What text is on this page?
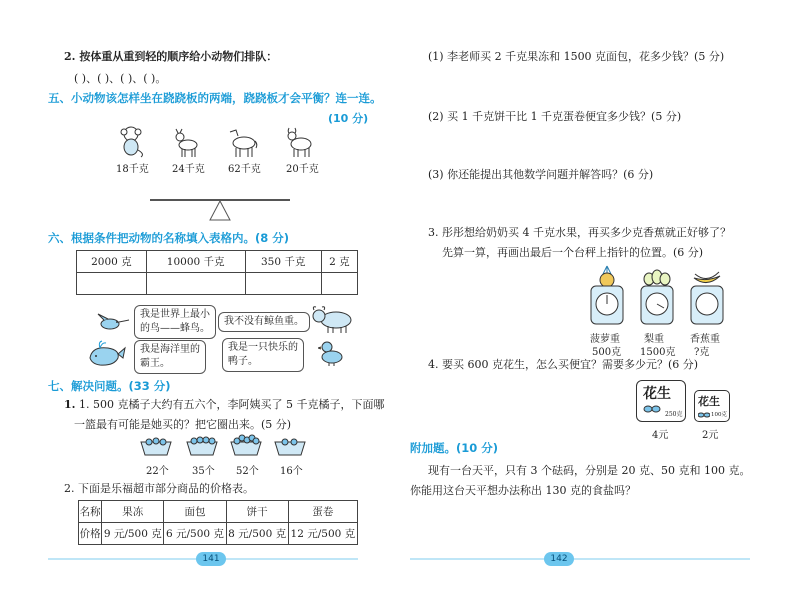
2. 按体重从重到轻的顺序给小动物们排队：
( )、( )、( )、( )。
五、小动物该怎样坐在跷跷板的两端，跷跷板才会平衡？连一连。
(10 分)
18千克 24千克 62千克	20千克
六、根据条件把动物的名称填入表格内。(8 分)
2000 克	10000 千克	350 千克	2 克

我是世界上最小
的鸟——蜂鸟。
我不没有鲸鱼重。
我是海洋里的
霸王。
我是一只快乐的
鸭子。
七、解决问题。(33 分)
1. 1. 500 克橘子大约有五六个，李阿姨买了 5 千克橘子，下面哪
一篮最有可能是她买的？把它圈出来。(5 分)
22个 35个 52个 16个
2. 下面是乐福超市部分商品的价格表。
名称	果冻	面包	饼干	蛋卷
价格	9 元/500 克	6 元/500 克	8 元/500 克	12 元/500 克
141
(1) 李老师买 2 千克果冻和 1500 克面包，花多少钱？(5 分)
(2) 买 1 千克饼干比 1 千克蛋卷便宜多少钱？(5 分)
(3) 你还能提出其他数学问题并解答吗？(6 分)
3. 彤彤想给奶奶买 4 千克水果，再买多少克香蕉就正好够了？
先算一算，再画出最后一个台秤上指针的位置。(6 分)
菠萝重
500克
梨重
1500克
香蕉重
?克
4. 要买 600 克花生，怎么买便宜？需要多少元？(6 分)
花生
250克
4元
花生
100克
2元
附加题。(10 分)
现有一台天平，只有 3 个砝码，分别是 20 克、50 克和 100 克。
你能用这台天平想办法称出 130 克的食盐吗？
142
